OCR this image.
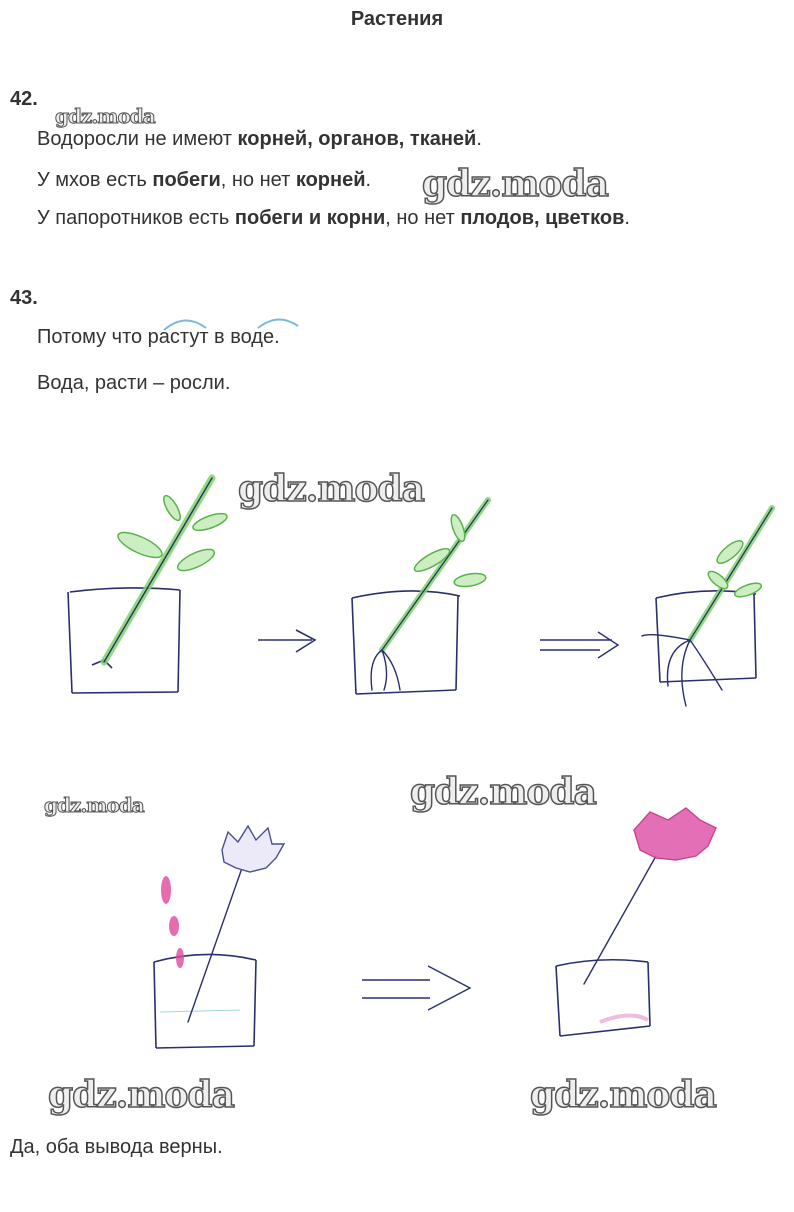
Растения
42.
Водоросли не имеют корней, органов, тканей.
У мхов есть побеги, но нет корней.
У папоротников есть побеги и корни, но нет плодов, цветков.
43.
Потому что растут в воде.
Вода, расти – росли.
Да, оба вывода верны.
gdz.moda
gdz.moda
gdz.moda
gdz.moda	gdz.moda
gdz.moda	gdz.moda
